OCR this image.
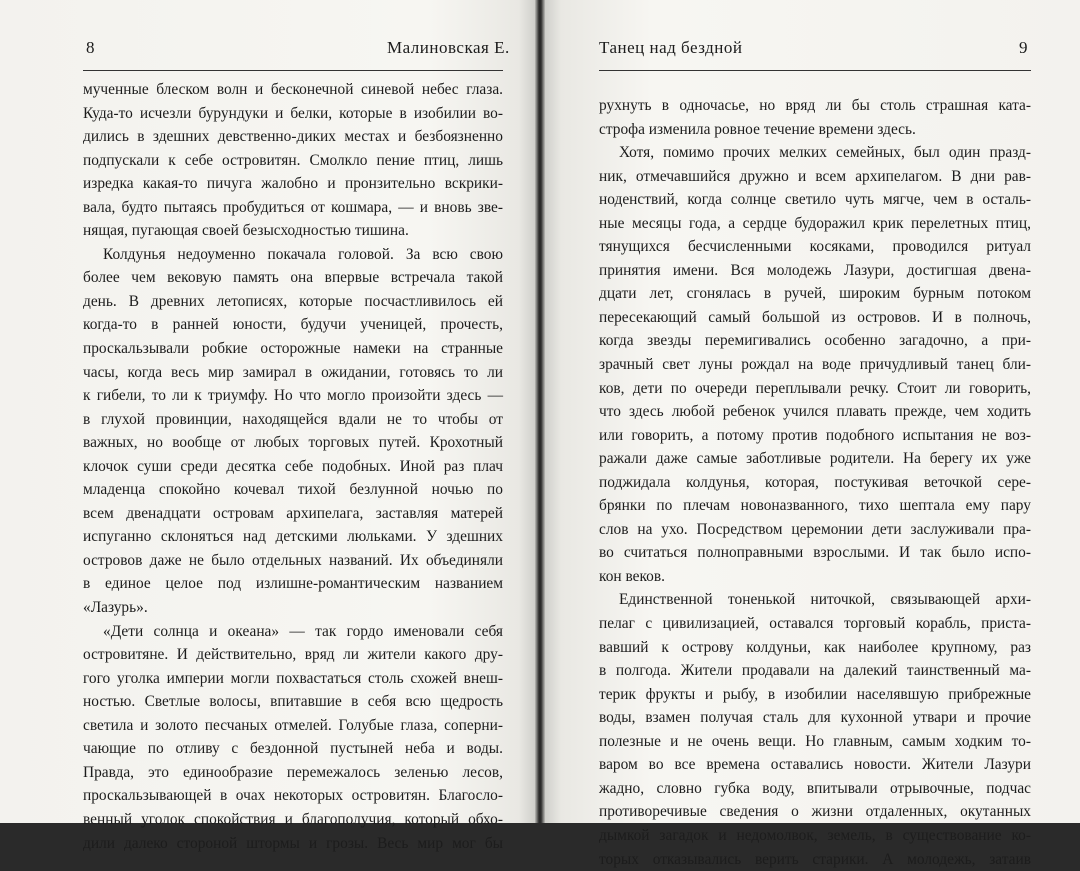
8	Малиновская Е.
мученные блеском волн и бесконечной синевой небес глаза.
Куда-то исчезли бурундуки и белки, которые в изобилии во-
дились в здешних девственно-диких местах и безбоязненно
подпускали к себе островитян. Смолкло пение птиц, лишь
изредка какая-то пичуга жалобно и пронзительно вскрики-
вала, будто пытаясь пробудиться от кошмара, — и вновь зве-
нящая, пугающая своей безысходностью тишина.
Колдунья недоуменно покачала головой. За всю свою
более чем вековую память она впервые встречала такой
день. В древних летописях, которые посчастливилось ей
когда-то в ранней юности, будучи ученицей, прочесть,
проскальзывали робкие осторожные намеки на странные
часы, когда весь мир замирал в ожидании, готовясь то ли
к гибели, то ли к триумфу. Но что могло произойти здесь —
в глухой провинции, находящейся вдали не то чтобы от
важных, но вообще от любых торговых путей. Крохотный
клочок суши среди десятка себе подобных. Иной раз плач
младенца спокойно кочевал тихой безлунной ночью по
всем двенадцати островам архипелага, заставляя матерей
испуганно склоняться над детскими люльками. У здешних
островов даже не было отдельных названий. Их объединяли
в единое целое под излишне-романтическим названием
«Лазурь».
«Дети солнца и океана» — так гордо именовали себя
островитяне. И действительно, вряд ли жители какого дру-
гого уголка империи могли похвастаться столь схожей внеш-
ностью. Светлые волосы, впитавшие в себя всю щедрость
светила и золото песчаных отмелей. Голубые глаза, соперни-
чающие по отливу с бездонной пустыней неба и воды.
Правда, это единообразие перемежалось зеленью лесов,
проскальзывающей в очах некоторых островитян. Благосло-
венный уголок спокойствия и благополучия, который обхо-
дили далеко стороной штормы и грозы. Весь мир мог бы
Танец над бездной	9
рухнуть в одночасье, но вряд ли бы столь страшная ката-
строфа изменила ровное течение времени здесь.
Хотя, помимо прочих мелких семейных, был один празд-
ник, отмечавшийся дружно и всем архипелагом. В дни рав-
ноденствий, когда солнце светило чуть мягче, чем в осталь-
ные месяцы года, а сердце будоражил крик перелетных птиц,
тянущихся бесчисленными косяками, проводился ритуал
принятия имени. Вся молодежь Лазури, достигшая двена-
дцати лет, сгонялась в ручей, широким бурным потоком
пересекающий самый большой из островов. И в полночь,
когда звезды перемигивались особенно загадочно, а при-
зрачный свет луны рождал на воде причудливый танец бли-
ков, дети по очереди переплывали речку. Стоит ли говорить,
что здесь любой ребенок учился плавать прежде, чем ходить
или говорить, а потому против подобного испытания не воз-
ражали даже самые заботливые родители. На берегу их уже
поджидала колдунья, которая, постукивая веточкой сере-
брянки по плечам новоназванного, тихо шептала ему пару
слов на ухо. Посредством церемонии дети заслуживали пра-
во считаться полноправными взрослыми. И так было испо-
кон веков.
Единственной тоненькой ниточкой, связывающей архи-
пелаг с цивилизацией, оставался торговый корабль, приста-
вавший к острову колдуньи, как наиболее крупному, раз
в полгода. Жители продавали на далекий таинственный ма-
терик фрукты и рыбу, в изобилии населявшую прибрежные
воды, взамен получая сталь для кухонной утвари и прочие
полезные и не очень вещи. Но главным, самым ходким то-
варом во все времена оставались новости. Жители Лазури
жадно, словно губка воду, впитывали отрывочные, подчас
противоречивые сведения о жизни отдаленных, окутанных
дымкой загадок и недомолвок, земель, в существование ко-
торых отказывались верить старики. А молодежь, затаив
